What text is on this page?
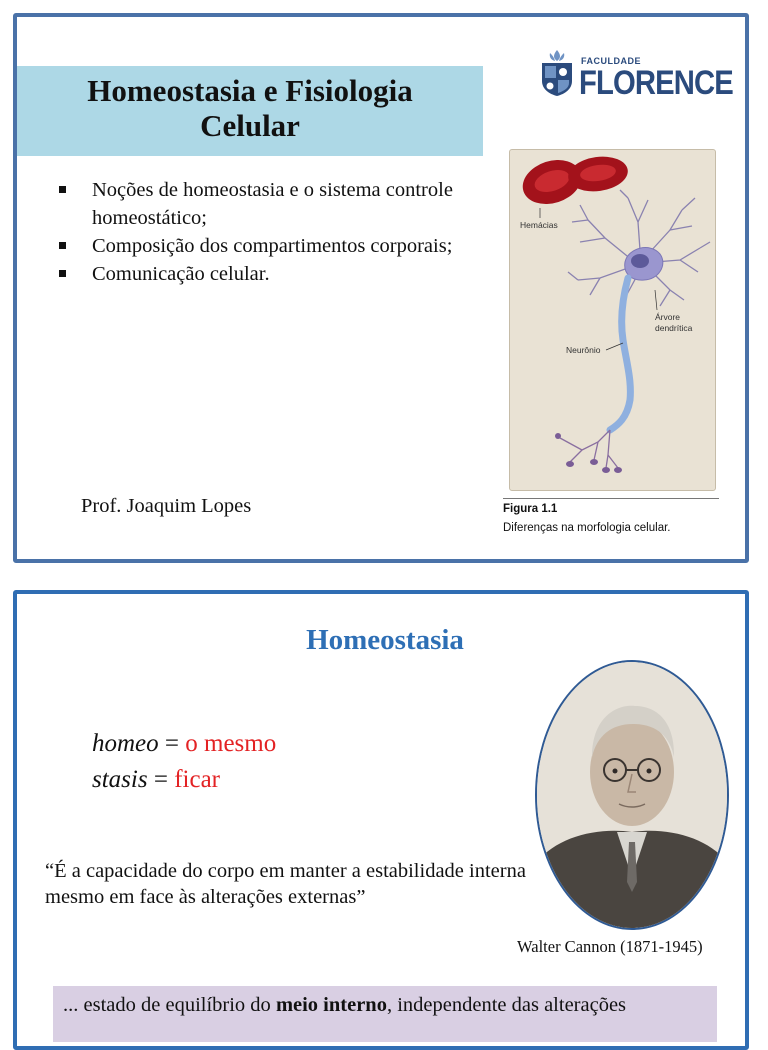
Homeostasia e Fisiologia
Celular
Noções de homeostasia e o sistema controle homeostático;
Composição dos compartimentos corporais;
Comunicação celular.
Prof. Joaquim Lopes
FACULDADE
FLORENCE
Hemácias
Árvore
dendrítica
Neurônio
Figura 1.1
Diferenças na morfologia celular.
Homeostasia
homeo = o mesmo
stasis = ficar
“É a capacidade do corpo em manter a estabilidade interna mesmo em face às alterações externas”
Walter Cannon (1871-1945)
... estado de equilíbrio do meio interno, independente das alterações
